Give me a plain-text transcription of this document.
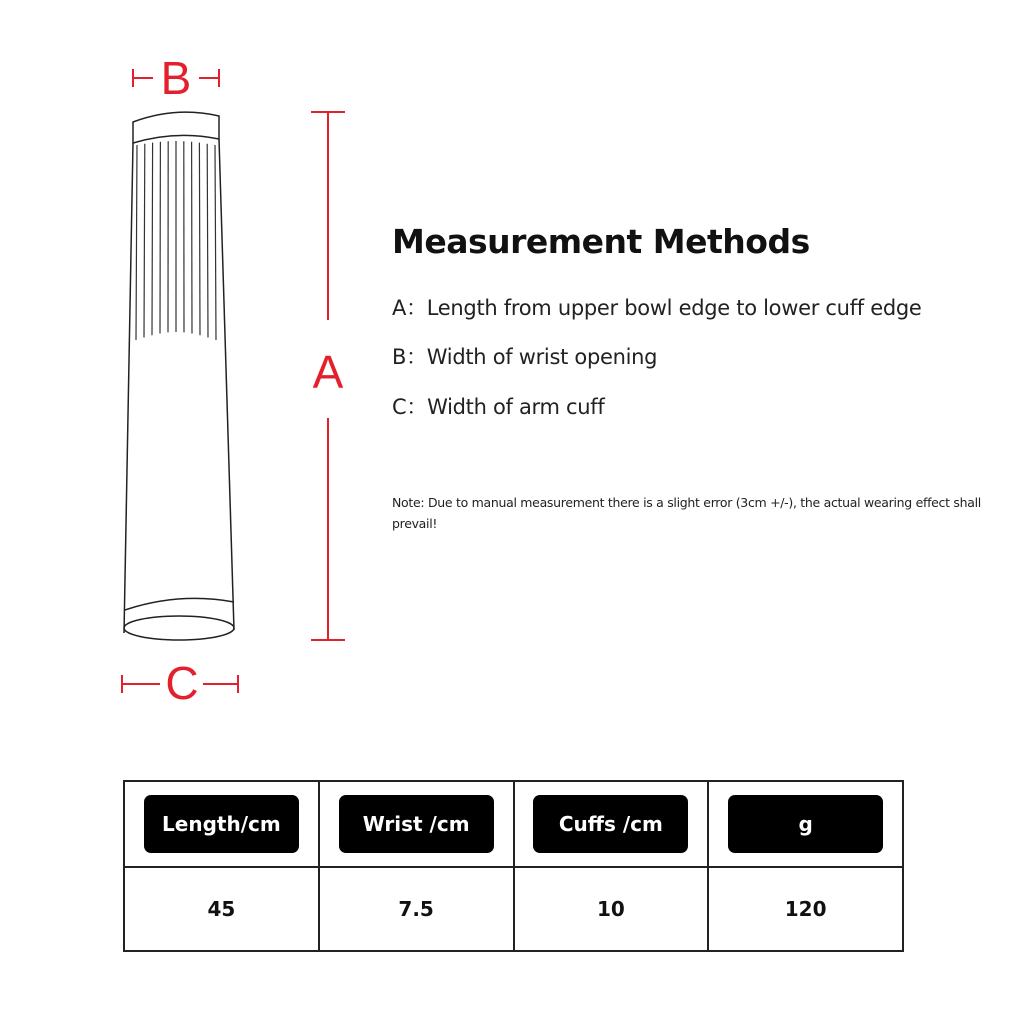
B
A
C
Measurement Methods
A：Length from upper bowl edge to lower cuff edge
B：Width of wrist opening
C：Width of arm cuff
Note: Due to manual measurement there is a slight error (3cm +/-), the actual wearing effect shall prevail!
Length/cm	Wrist /cm	Cuffs /cm	g
45	7.5	10	120
